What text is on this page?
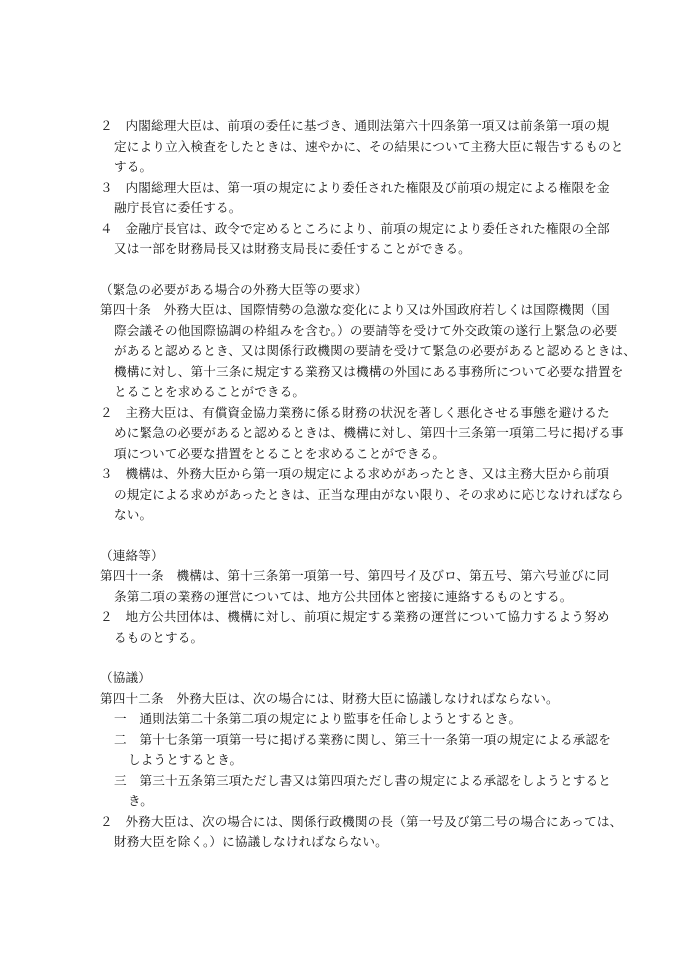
２　内閣総理大臣は、前項の委任に基づき、通則法第六十四条第一項又は前条第一項の規
定により立入検査をしたときは、速やかに、その結果について主務大臣に報告するものと
する。
３　内閣総理大臣は、第一項の規定により委任された権限及び前項の規定による権限を金
融庁長官に委任する。
４　金融庁長官は、政令で定めるところにより、前項の規定により委任された権限の全部
又は一部を財務局長又は財務支局長に委任することができる。
（緊急の必要がある場合の外務大臣等の要求）
第四十条　外務大臣は、国際情勢の急激な変化により又は外国政府若しくは国際機関（国
際会議その他国際協調の枠組みを含む。）の要請等を受けて外交政策の遂行上緊急の必要
があると認めるとき、又は関係行政機関の要請を受けて緊急の必要があると認めるときは、
機構に対し、第十三条に規定する業務又は機構の外国にある事務所について必要な措置を
とることを求めることができる。
２　主務大臣は、有償資金協力業務に係る財務の状況を著しく悪化させる事態を避けるた
めに緊急の必要があると認めるときは、機構に対し、第四十三条第一項第二号に掲げる事
項について必要な措置をとることを求めることができる。
３　機構は、外務大臣から第一項の規定による求めがあったとき、又は主務大臣から前項
の規定による求めがあったときは、正当な理由がない限り、その求めに応じなければなら
ない。
（連絡等）
第四十一条　機構は、第十三条第一項第一号、第四号イ及びロ、第五号、第六号並びに同
条第二項の業務の運営については、地方公共団体と密接に連絡するものとする。
２　地方公共団体は、機構に対し、前項に規定する業務の運営について協力するよう努め
るものとする。
（協議）
第四十二条　外務大臣は、次の場合には、財務大臣に協議しなければならない。
一　通則法第二十条第二項の規定により監事を任命しようとするとき。
二　第十七条第一項第一号に掲げる業務に関し、第三十一条第一項の規定による承認を
しようとするとき。
三　第三十五条第三項ただし書又は第四項ただし書の規定による承認をしようとすると
き。
２　外務大臣は、次の場合には、関係行政機関の長（第一号及び第二号の場合にあっては、
財務大臣を除く。）に協議しなければならない。
